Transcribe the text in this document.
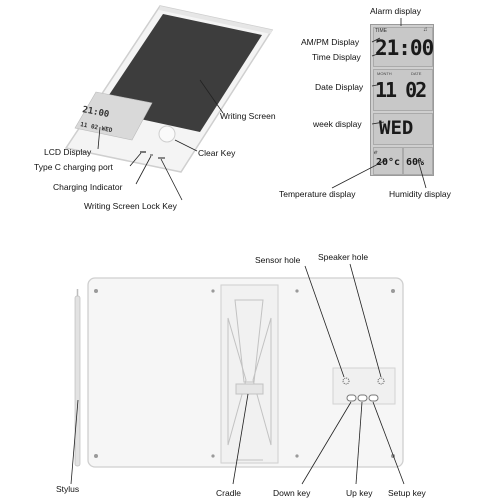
21:00
11 02 WED
Writing Screen
Clear Key
LCD Display
Type C charging port
Charging Indicator
Writing Screen Lock Key
TIME	♫
21:00
MONTH	DATE
11 02
WED
ℯ
20°c 60%
Alarm display
AM/PM Display
Time Display
Date Display
week display
Temperature display	Humidity display
Sensor hole Speaker hole
Stylus	Cradle	Down key	Up key Setup key
